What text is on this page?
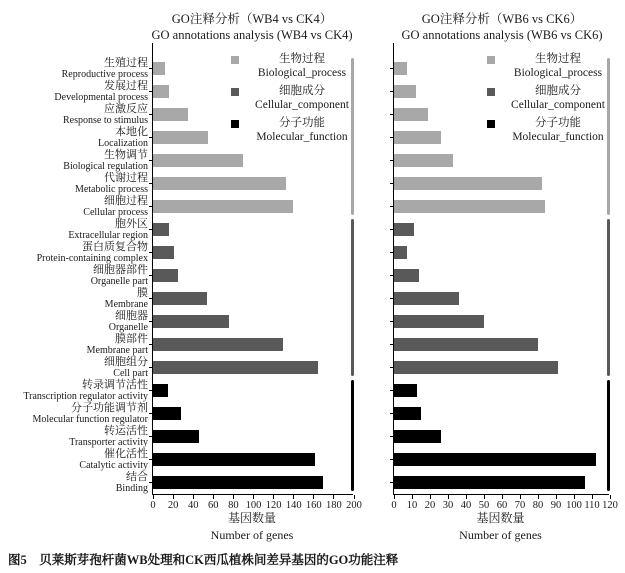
GO注释分析（WB4 vs CK4）
GO annotations analysis (WB4 vs CK4)
GO注释分析（WB6 vs CK6）
GO annotations analysis (WB6 vs CK6)
生殖过程
Reproductive process
发展过程
Developmental process
应激反应
Response to stimulus
本地化
Localization
生物调节
Biological regulation
代谢过程
Metabolic process
细胞过程
Cellular process
胞外区
Extracellular region
蛋白质复合物
Protein-containing complex
细胞器部件
Organelle part
膜
Membrane
细胞器
Organelle
膜部件
Membrane part
细胞组分
Cell part
转录调节活性
Transcription regulator activity
分子功能调节剂
Molecular function regulator
转运活性
Transporter activity
催化活性
Catalytic activity
结合
Binding
0	20 40 60 80 100 120 140 160 180 200	0 10 20 30 40 50 60 70 80 90 100 110 120
基因数量
Number of genes
基因数量
Number of genes
生物过程
Biological_process
细胞成分
Cellular_component
分子功能
Molecular_function
生物过程
Biological_process
细胞成分
Cellular_component
分子功能
Molecular_function
图5　贝莱斯芽孢杆菌WB处理和CK西瓜植株间差异基因的GO功能注释
